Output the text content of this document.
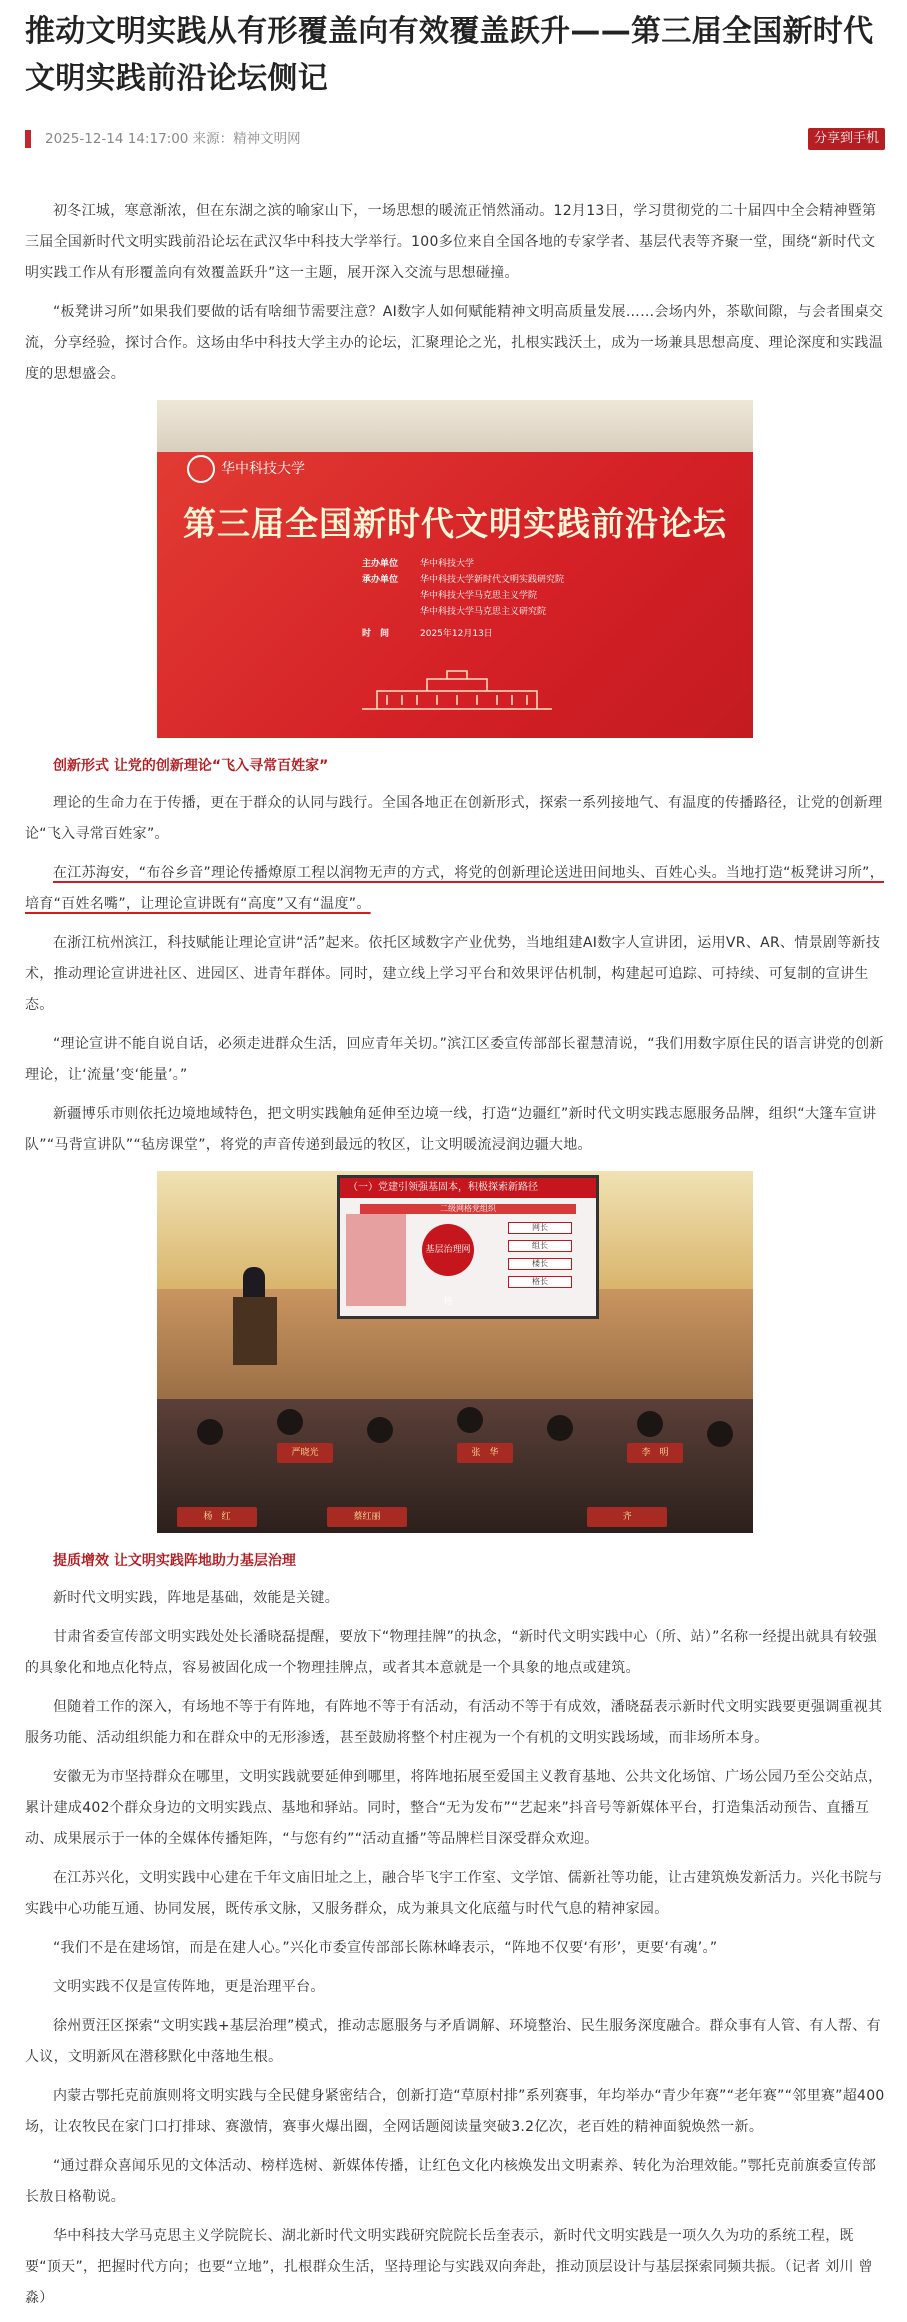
推动文明实践从有形覆盖向有效覆盖跃升——第三届全国新时代文明实践前沿论坛侧记
2025-12-14 14:17:00 来源：精神文明网	分享到手机

初冬江城，寒意渐浓，但在东湖之滨的喻家山下，一场思想的暖流正悄然涌动。12月13日，学习贯彻党的二十届四中全会精神暨第三届全国新时代文明实践前沿论坛在武汉华中科技大学举行。100多位来自全国各地的专家学者、基层代表等齐聚一堂，围绕“新时代文明实践工作从有形覆盖向有效覆盖跃升”这一主题，展开深入交流与思想碰撞。

“板凳讲习所”如果我们要做的话有啥细节需要注意？AI数字人如何赋能精神文明高质量发展……会场内外，茶歇间隙，与会者围桌交流，分享经验，探讨合作。这场由华中科技大学主办的论坛，汇聚理论之光，扎根实践沃土，成为一场兼具思想高度、理论深度和实践温度的思想盛会。

华中科技大学
第三届全国新时代文明实践前沿论坛
主办单位 华中科技大学
承办单位 华中科技大学新时代文明实践研究院
华中科技大学马克思主义学院
华中科技大学马克思主义研究院
时　间	2025年12月13日
创新形式 让党的创新理论“飞入寻常百姓家”

理论的生命力在于传播，更在于群众的认同与践行。全国各地正在创新形式，探索一系列接地气、有温度的传播路径，让党的创新理论“飞入寻常百姓家”。

在江苏海安，“布谷乡音”理论传播燎原工程以润物无声的方式，将党的创新理论送进田间地头、百姓心头。当地打造“板凳讲习所”，培育“百姓名嘴”，让理论宣讲既有“高度”又有“温度”。

在浙江杭州滨江，科技赋能让理论宣讲“活”起来。依托区域数字产业优势，当地组建AI数字人宣讲团，运用VR、AR、情景剧等新技术，推动理论宣讲进社区、进园区、进青年群体。同时，建立线上学习平台和效果评估机制，构建起可追踪、可持续、可复制的宣讲生态。

“理论宣讲不能自说自话，必须走进群众生活，回应青年关切。”滨江区委宣传部部长翟慧清说，“我们用数字原住民的语言讲党的创新理论，让‘流量’变‘能量’。”

新疆博乐市则依托边境地域特色，把文明实践触角延伸至边境一线，打造“边疆红”新时代文明实践志愿服务品牌，组织“大篷车宣讲队”“马背宣讲队”“毡房课堂”，将党的声音传递到最远的牧区，让文明暖流浸润边疆大地。

（一）党建引领强基固本，积极探索新路径
二级网格党组织
基层治理网格
网长
组长
楼长
格长
严晓光	张　华	李　明
杨　红	蔡红丽	齐
提质增效 让文明实践阵地助力基层治理

新时代文明实践，阵地是基础，效能是关键。

甘肃省委宣传部文明实践处处长潘晓磊提醒，要放下“物理挂牌”的执念，“新时代文明实践中心（所、站）”名称一经提出就具有较强的具象化和地点化特点，容易被固化成一个物理挂牌点，或者其本意就是一个具象的地点或建筑。

但随着工作的深入，有场地不等于有阵地，有阵地不等于有活动，有活动不等于有成效，潘晓磊表示新时代文明实践要更强调重视其服务功能、活动组织能力和在群众中的无形渗透，甚至鼓励将整个村庄视为一个有机的文明实践场域，而非场所本身。

安徽无为市坚持群众在哪里，文明实践就要延伸到哪里，将阵地拓展至爱国主义教育基地、公共文化场馆、广场公园乃至公交站点，累计建成402个群众身边的文明实践点、基地和驿站。同时，整合“无为发布”“艺起来”抖音号等新媒体平台，打造集活动预告、直播互动、成果展示于一体的全媒体传播矩阵，“与您有约”“活动直播”等品牌栏目深受群众欢迎。

在江苏兴化，文明实践中心建在千年文庙旧址之上，融合毕飞宇工作室、文学馆、儒新社等功能，让古建筑焕发新活力。兴化书院与实践中心功能互通、协同发展，既传承文脉，又服务群众，成为兼具文化底蕴与时代气息的精神家园。

“我们不是在建场馆，而是在建人心。”兴化市委宣传部部长陈林峰表示，“阵地不仅要‘有形’，更要‘有魂’。”

文明实践不仅是宣传阵地，更是治理平台。

徐州贾汪区探索“文明实践+基层治理”模式，推动志愿服务与矛盾调解、环境整治、民生服务深度融合。群众事有人管、有人帮、有人议，文明新风在潜移默化中落地生根。

内蒙古鄂托克前旗则将文明实践与全民健身紧密结合，创新打造“草原村排”系列赛事，年均举办“青少年赛”“老年赛”“邻里赛”超400场，让农牧民在家门口打排球、赛激情，赛事火爆出圈，全网话题阅读量突破3.2亿次，老百姓的精神面貌焕然一新。

“通过群众喜闻乐见的文体活动、榜样选树、新媒体传播，让红色文化内核焕发出文明素养、转化为治理效能。”鄂托克前旗委宣传部长敖日格勒说。

华中科技大学马克思主义学院院长、湖北新时代文明实践研究院院长岳奎表示，新时代文明实践是一项久久为功的系统工程，既要“顶天”，把握时代方向；也要“立地”，扎根群众生活，坚持理论与实践双向奔赴，推动顶层设计与基层探索同频共振。（记者 刘川 曾淼）
